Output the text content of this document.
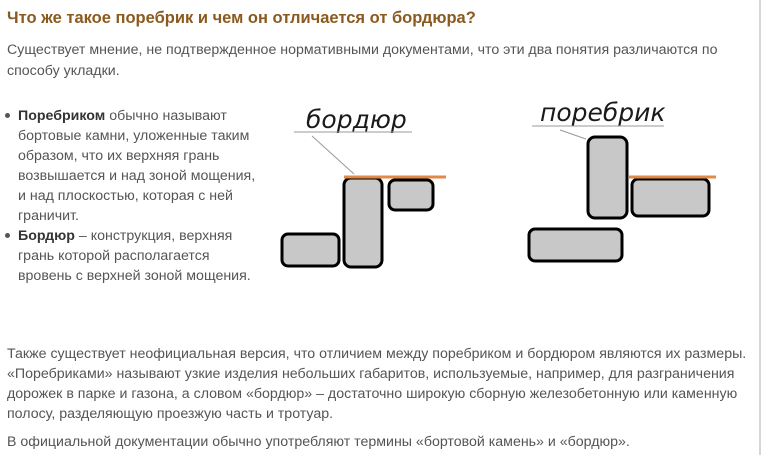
Что же такое поребрик и чем он отличается от бордюра?

Существует мнение, не подтвержденное нормативными документами, что эти два понятия различаются по способу укладки.

Поребриком обычно называют бортовые камни, уложенные таким образом, что их верхняя грань возвышается и над зоной мощения, и над плоскостью, которая с ней граничит.
Бордюр – конструкция, верхняя грань которой располагается вровень с верхней зоной мощения.
бордюр	поребрик

Также существует неофициальная версия, что отличием между поребриком и бордюром являются их размеры. «Поребриками» называют узкие изделия небольших габаритов, используемые, например, для разграничения дорожек в парке и газона, а словом «бордюр» – достаточно широкую сборную железобетонную или каменную полосу, разделяющую проезжую часть и тротуар.

В официальной документации обычно употребляют термины «бортовой камень» и «бордюр».
